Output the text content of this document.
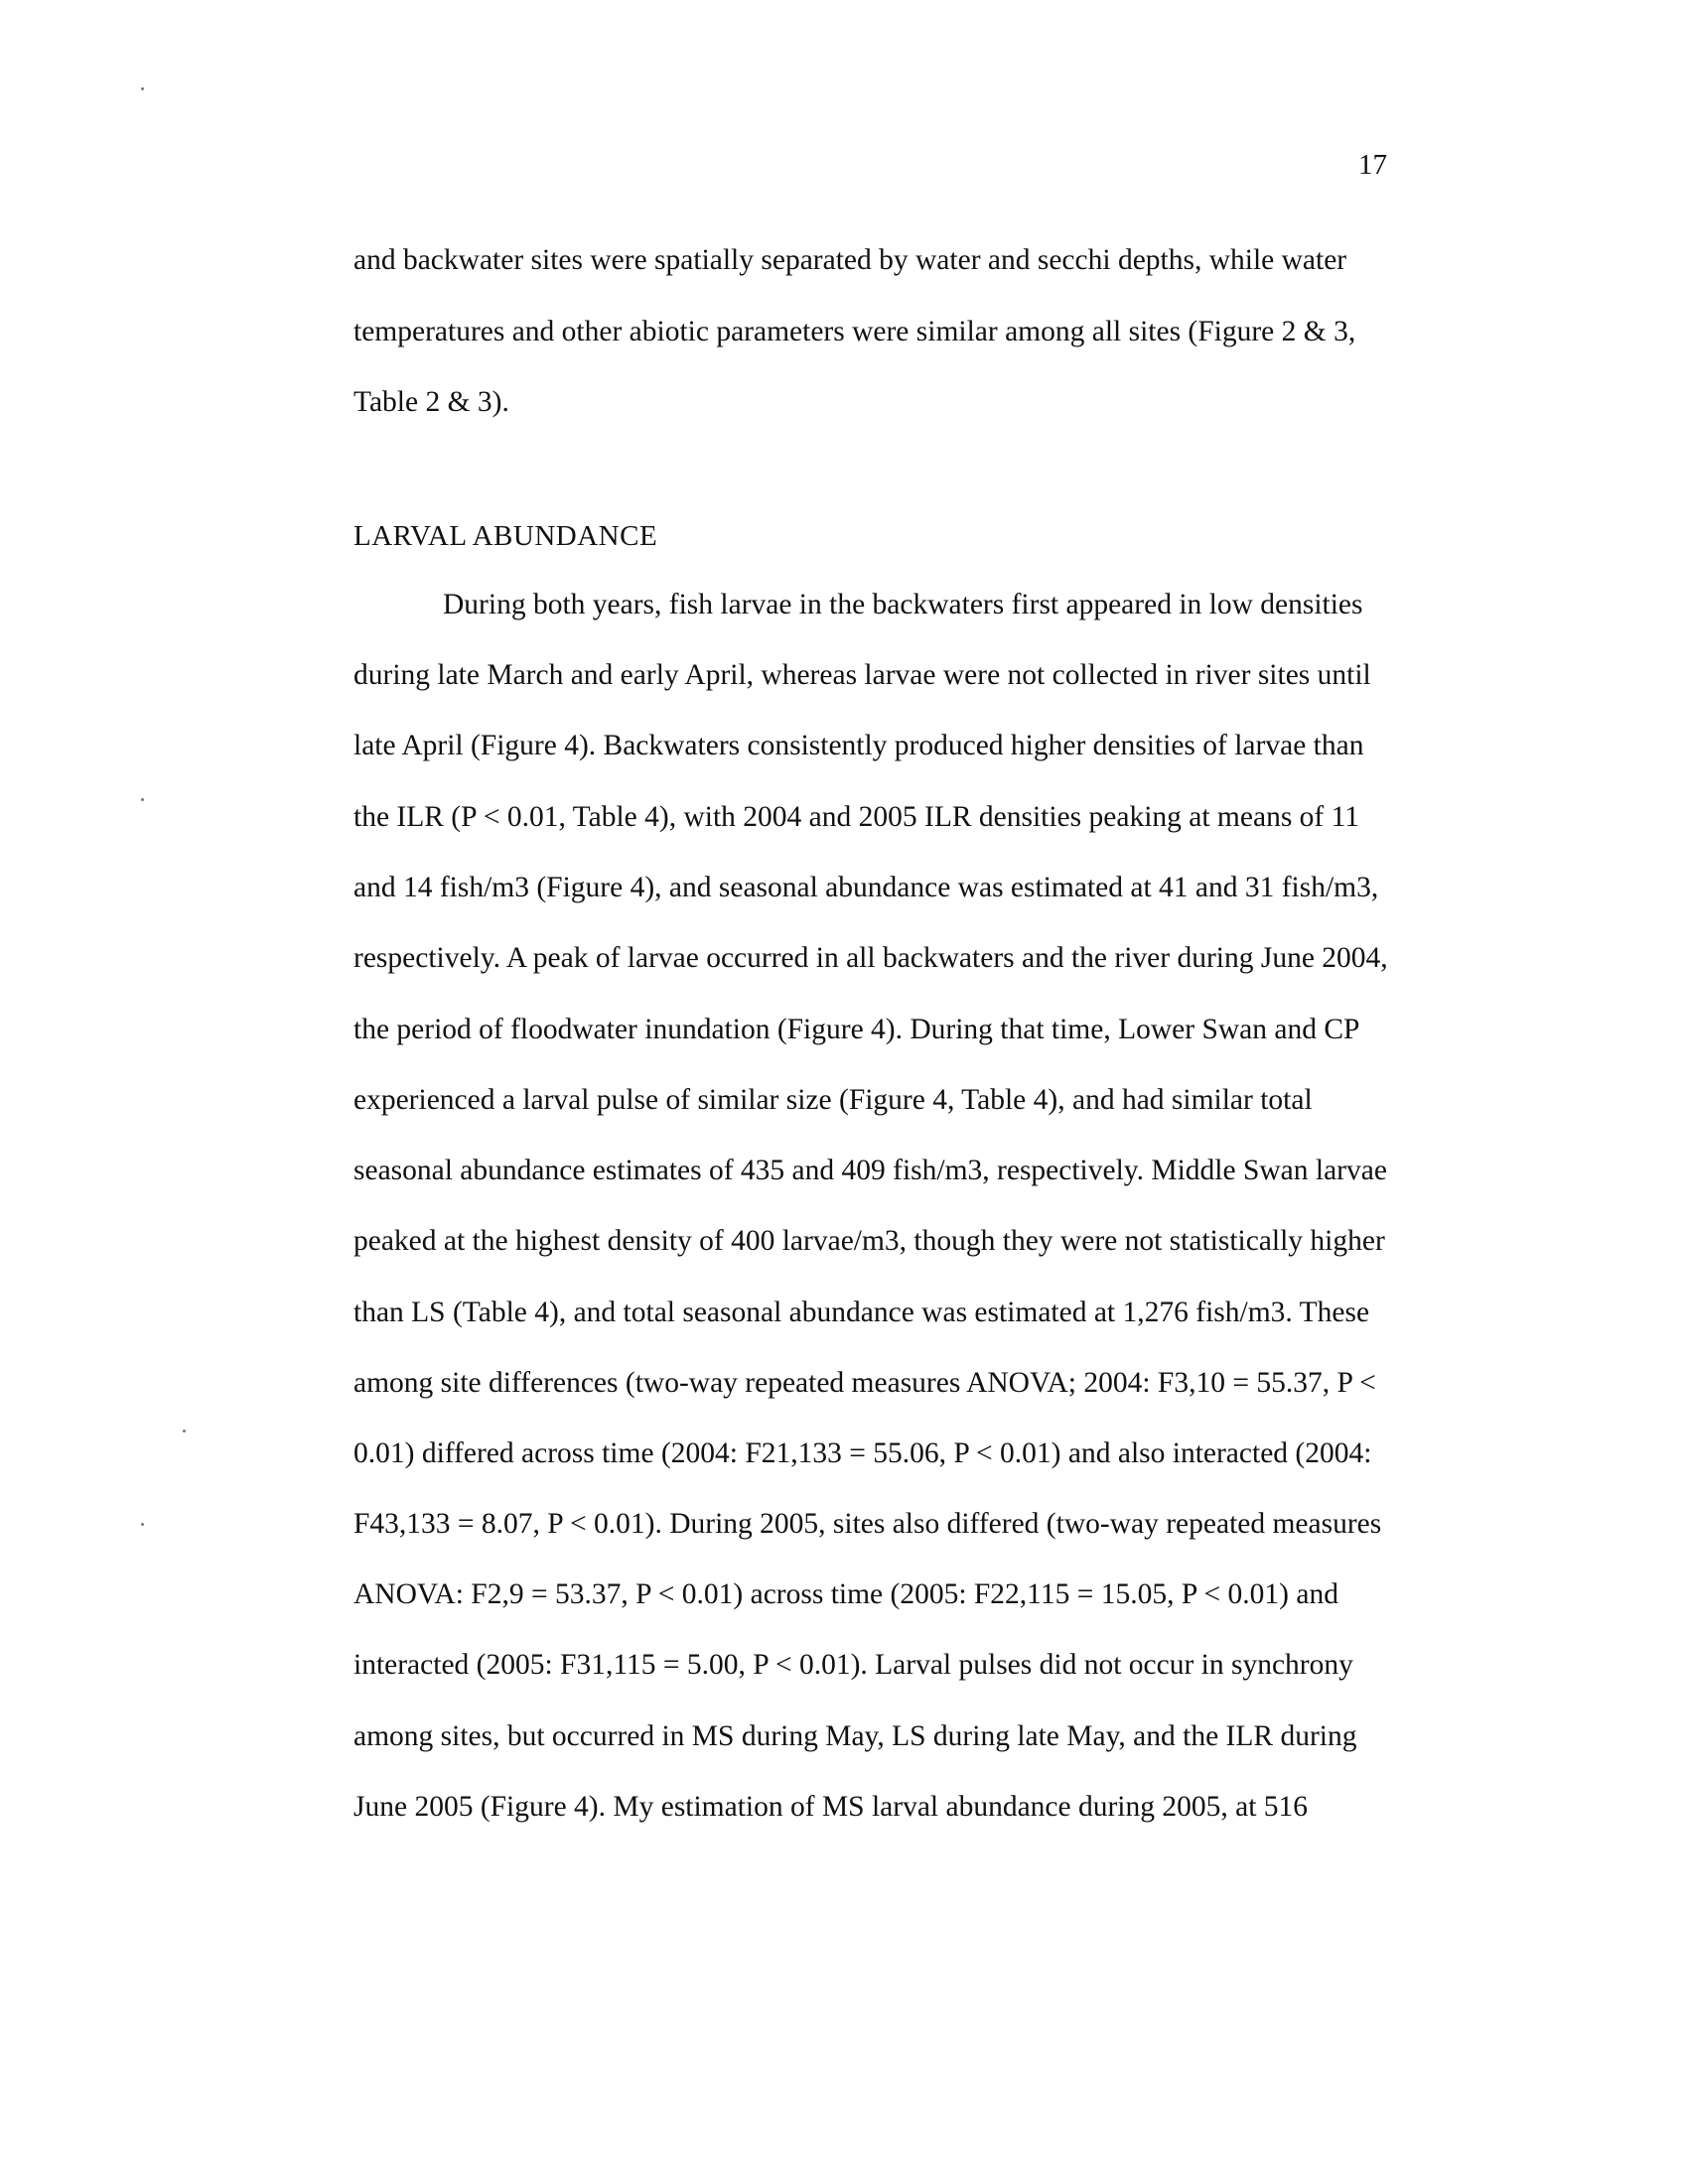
17
and backwater sites were spatially separated by water and secchi depths, while water
temperatures and other abiotic parameters were similar among all sites (Figure 2 & 3,
Table 2 & 3).
LARVAL ABUNDANCE
During both years, fish larvae in the backwaters first appeared in low densities
during late March and early April, whereas larvae were not collected in river sites until
late April (Figure 4). Backwaters consistently produced higher densities of larvae than
the ILR (P < 0.01, Table 4), with 2004 and 2005 ILR densities peaking at means of 11
and 14 fish/m3 (Figure 4), and seasonal abundance was estimated at 41 and 31 fish/m3,
respectively. A peak of larvae occurred in all backwaters and the river during June 2004,
the period of floodwater inundation (Figure 4). During that time, Lower Swan and CP
experienced a larval pulse of similar size (Figure 4, Table 4), and had similar total
seasonal abundance estimates of 435 and 409 fish/m3, respectively. Middle Swan larvae
peaked at the highest density of 400 larvae/m3, though they were not statistically higher
than LS (Table 4), and total seasonal abundance was estimated at 1,276 fish/m3. These
among site differences (two-way repeated measures ANOVA; 2004: F3,10 = 55.37, P <
0.01) differed across time (2004: F21,133 = 55.06, P < 0.01) and also interacted (2004:
F43,133 = 8.07, P < 0.01). During 2005, sites also differed (two-way repeated measures
ANOVA: F2,9 = 53.37, P < 0.01) across time (2005: F22,115 = 15.05, P < 0.01) and
interacted (2005: F31,115 = 5.00, P < 0.01). Larval pulses did not occur in synchrony
among sites, but occurred in MS during May, LS during late May, and the ILR during
June 2005 (Figure 4). My estimation of MS larval abundance during 2005, at 516
